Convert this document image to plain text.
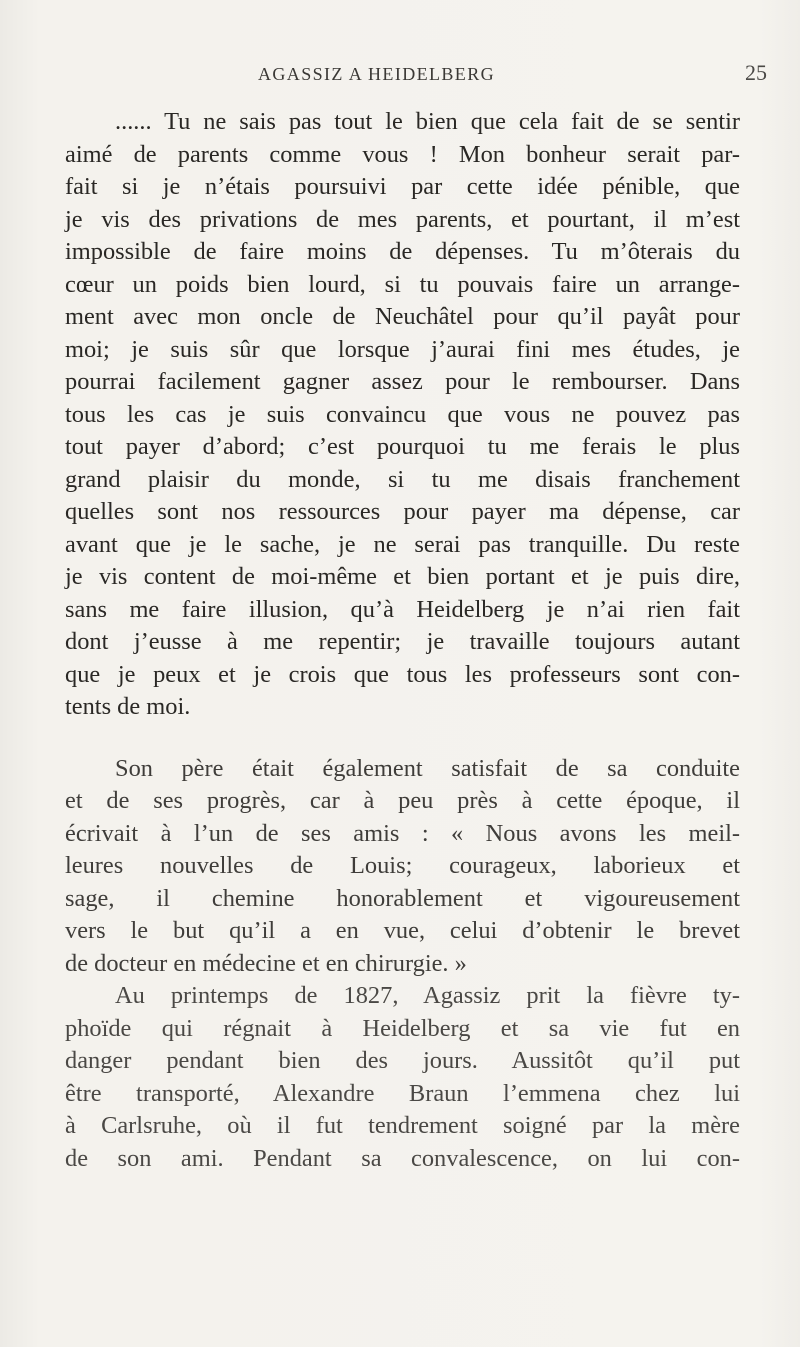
AGASSIZ A HEIDELBERG	25
...... Tu ne sais pas tout le bien que cela fait de se sentir
aimé de parents comme vous ! Mon bonheur serait par-
fait si je n’étais poursuivi par cette idée pénible, que
je vis des privations de mes parents, et pourtant, il m’est
impossible de faire moins de dépenses. Tu m’ôterais du
cœur un poids bien lourd, si tu pouvais faire un arrange-
ment avec mon oncle de Neuchâtel pour qu’il payât pour
moi; je suis sûr que lorsque j’aurai fini mes études, je
pourrai facilement gagner assez pour le rembourser. Dans
tous les cas je suis convaincu que vous ne pouvez pas
tout payer d’abord; c’est pourquoi tu me ferais le plus
grand plaisir du monde, si tu me disais franchement
quelles sont nos ressources pour payer ma dépense, car
avant que je le sache, je ne serai pas tranquille. Du reste
je vis content de moi-même et bien portant et je puis dire,
sans me faire illusion, qu’à Heidelberg je n’ai rien fait
dont j’eusse à me repentir; je travaille toujours autant
que je peux et je crois que tous les professeurs sont con-
tents de moi.
Son père était également satisfait de sa conduite
et de ses progrès, car à peu près à cette époque, il
écrivait à l’un de ses amis : « Nous avons les meil-
leures nouvelles de Louis; courageux, laborieux et
sage, il chemine honorablement et vigoureusement
vers le but qu’il a en vue, celui d’obtenir le brevet
de docteur en médecine et en chirurgie. »
Au printemps de 1827, Agassiz prit la fièvre ty-
phoïde qui régnait à Heidelberg et sa vie fut en
danger pendant bien des jours. Aussitôt qu’il put
être transporté, Alexandre Braun l’emmena chez lui
à Carlsruhe, où il fut tendrement soigné par la mère
de son ami. Pendant sa convalescence, on lui con-
